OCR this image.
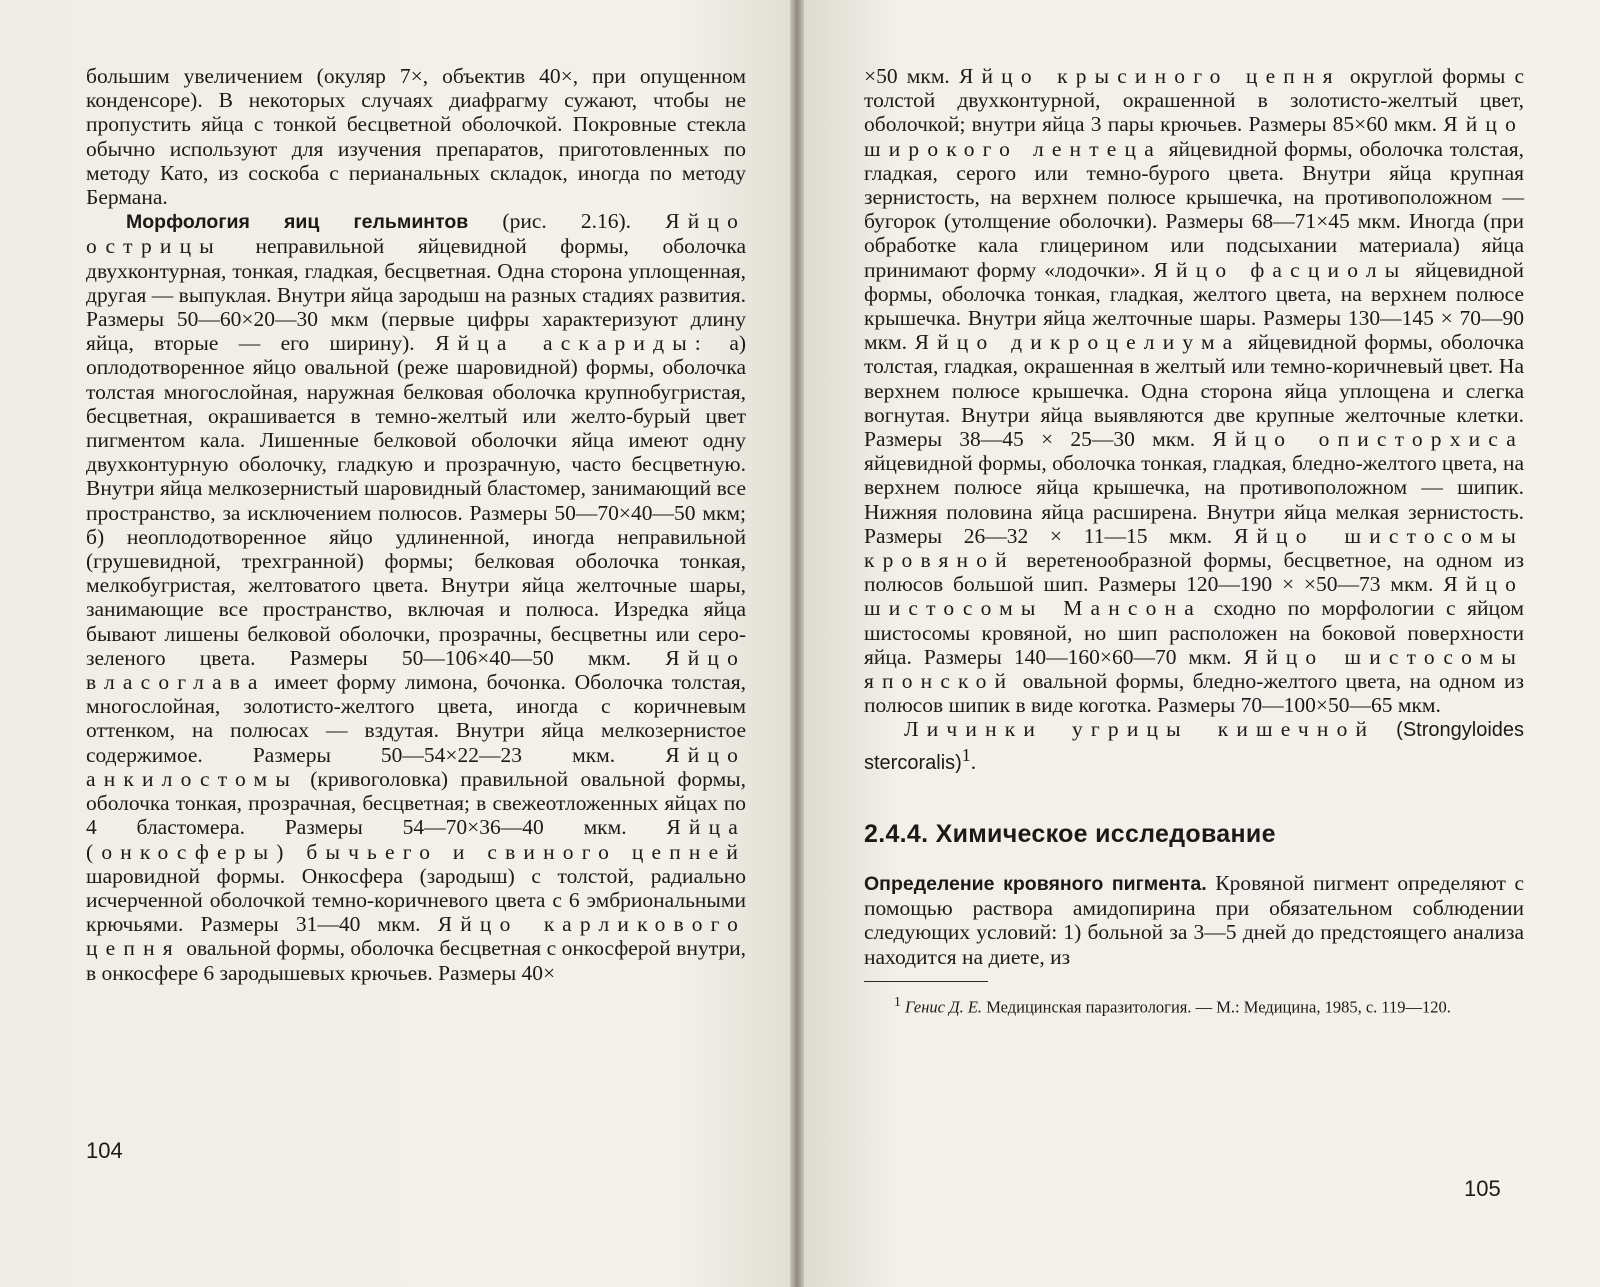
большим увеличением (окуляр 7×, объектив 40×, при опущенном конденсоре). В некоторых случаях диафрагму сужают, чтобы не пропустить яйца с тонкой бесцветной оболочкой. Покровные стекла обычно используют для изучения препаратов, приготовленных по методу Като, из соскоба с перианальных складок, иногда по методу Бермана.

Морфология яиц гельминтов (рис. 2.16). Яйцо острицы неправильной яйцевидной формы, оболочка двухконтурная, тонкая, гладкая, бесцветная. Одна сторона уплощенная, другая — выпуклая. Внутри яйца зародыш на разных стадиях развития. Размеры 50—60×20—30 мкм (первые цифры характеризуют длину яйца, вторые — его ширину). Яйца аскариды: а) оплодотворенное яйцо овальной (реже шаровидной) формы, оболочка толстая многослойная, наружная белковая оболочка крупнобугристая, бесцветная, окрашивается в темно-желтый или желто-бурый цвет пигментом кала. Лишенные белковой оболочки яйца имеют одну двухконтурную оболочку, гладкую и прозрачную, часто бесцветную. Внутри яйца мелкозернистый шаровидный бластомер, занимающий все пространство, за исключением полюсов. Размеры 50—70×40—50 мкм; б) неоплодотворенное яйцо удлиненной, иногда неправильной (грушевидной, трехгранной) формы; белковая оболочка тонкая, мелкобугристая, желтоватого цвета. Внутри яйца желточные шары, занимающие все пространство, включая и полюса. Изредка яйца бывают лишены белковой оболочки, прозрачны, бесцветны или серо-зеленого цвета. Размеры 50—106×40—50 мкм. Яйцо власоглава имеет форму лимона, бочонка. Оболочка толстая, многослойная, золотисто-желтого цвета, иногда с коричневым оттенком, на полюсах — вздутая. Внутри яйца мелкозернистое содержимое. Размеры 50—54×22—23 мкм. Яйцо анкилостомы (кривоголовка) правильной овальной формы, оболочка тонкая, прозрачная, бесцветная; в свежеотложенных яйцах по 4 бластомера. Размеры 54—70×36—40 мкм. Яйца (онкосферы) бычьего и свиного цепней шаровидной формы. Онкосфера (зародыш) с толстой, радиально исчерченной оболочкой темно-коричневого цвета с 6 эмбриональными крючьями. Размеры 31—40 мкм. Яйцо карликового цепня овальной формы, оболочка бесцветная с онкосферой внутри, в онкосфере 6 зародышевых крючьев. Размеры 40×

104

×50 мкм. Яйцо крысиного цепня округлой формы с толстой двухконтурной, окрашенной в золотисто-желтый цвет, оболочкой; внутри яйца 3 пары крючьев. Размеры 85×60 мкм. Яйцо широкого лентеца яйцевидной формы, оболочка толстая, гладкая, серого или темно-бурого цвета. Внутри яйца крупная зернистость, на верхнем полюсе крышечка, на противоположном — бугорок (утолщение оболочки). Размеры 68—71×45 мкм. Иногда (при обработке кала глицерином или подсыхании материала) яйца принимают форму «лодочки». Яйцо фасциолы яйцевидной формы, оболочка тонкая, гладкая, желтого цвета, на верхнем полюсе крышечка. Внутри яйца желточные шары. Размеры 130—145 × 70—90 мкм. Яйцо дикроцелиума яйцевидной формы, оболочка толстая, гладкая, окрашенная в желтый или темно-коричневый цвет. На верхнем полюсе крышечка. Одна сторона яйца уплощена и слегка вогнутая. Внутри яйца выявляются две крупные желточные клетки. Размеры 38—45 × 25—30 мкм. Яйцо описторхиса яйцевидной формы, оболочка тонкая, гладкая, бледно-желтого цвета, на верхнем полюсе яйца крышечка, на противоположном — шипик. Нижняя половина яйца расширена. Внутри яйца мелкая зернистость. Размеры 26—32 × 11—15 мкм. Яйцо шистосомы кровяной веретенообразной формы, бесцветное, на одном из полюсов большой шип. Размеры 120—190 × ×50—73 мкм. Яйцо шистосомы Мансона сходно по морфологии с яйцом шистосомы кровяной, но шип расположен на боковой поверхности яйца. Размеры 140—160×60—70 мкм. Яйцо шистосомы японской овальной формы, бледно-желтого цвета, на одном из полюсов шипик в виде коготка. Размеры 70—100×50—65 мкм.

Личинки угрицы кишечной (Strongyloides stercoralis)$^1$.

2.4.4. Химическое исследование

Определение кровяного пигмента. Кровяной пигмент определяют с помощью раствора амидопирина при обязательном соблюдении следующих условий: 1) больной за 3—5 дней до предстоящего анализа находится на диете, из

$^1$ Генис Д. Е. Медицинская паразитология. — М.: Медицина, 1985, с. 119—120.

105
